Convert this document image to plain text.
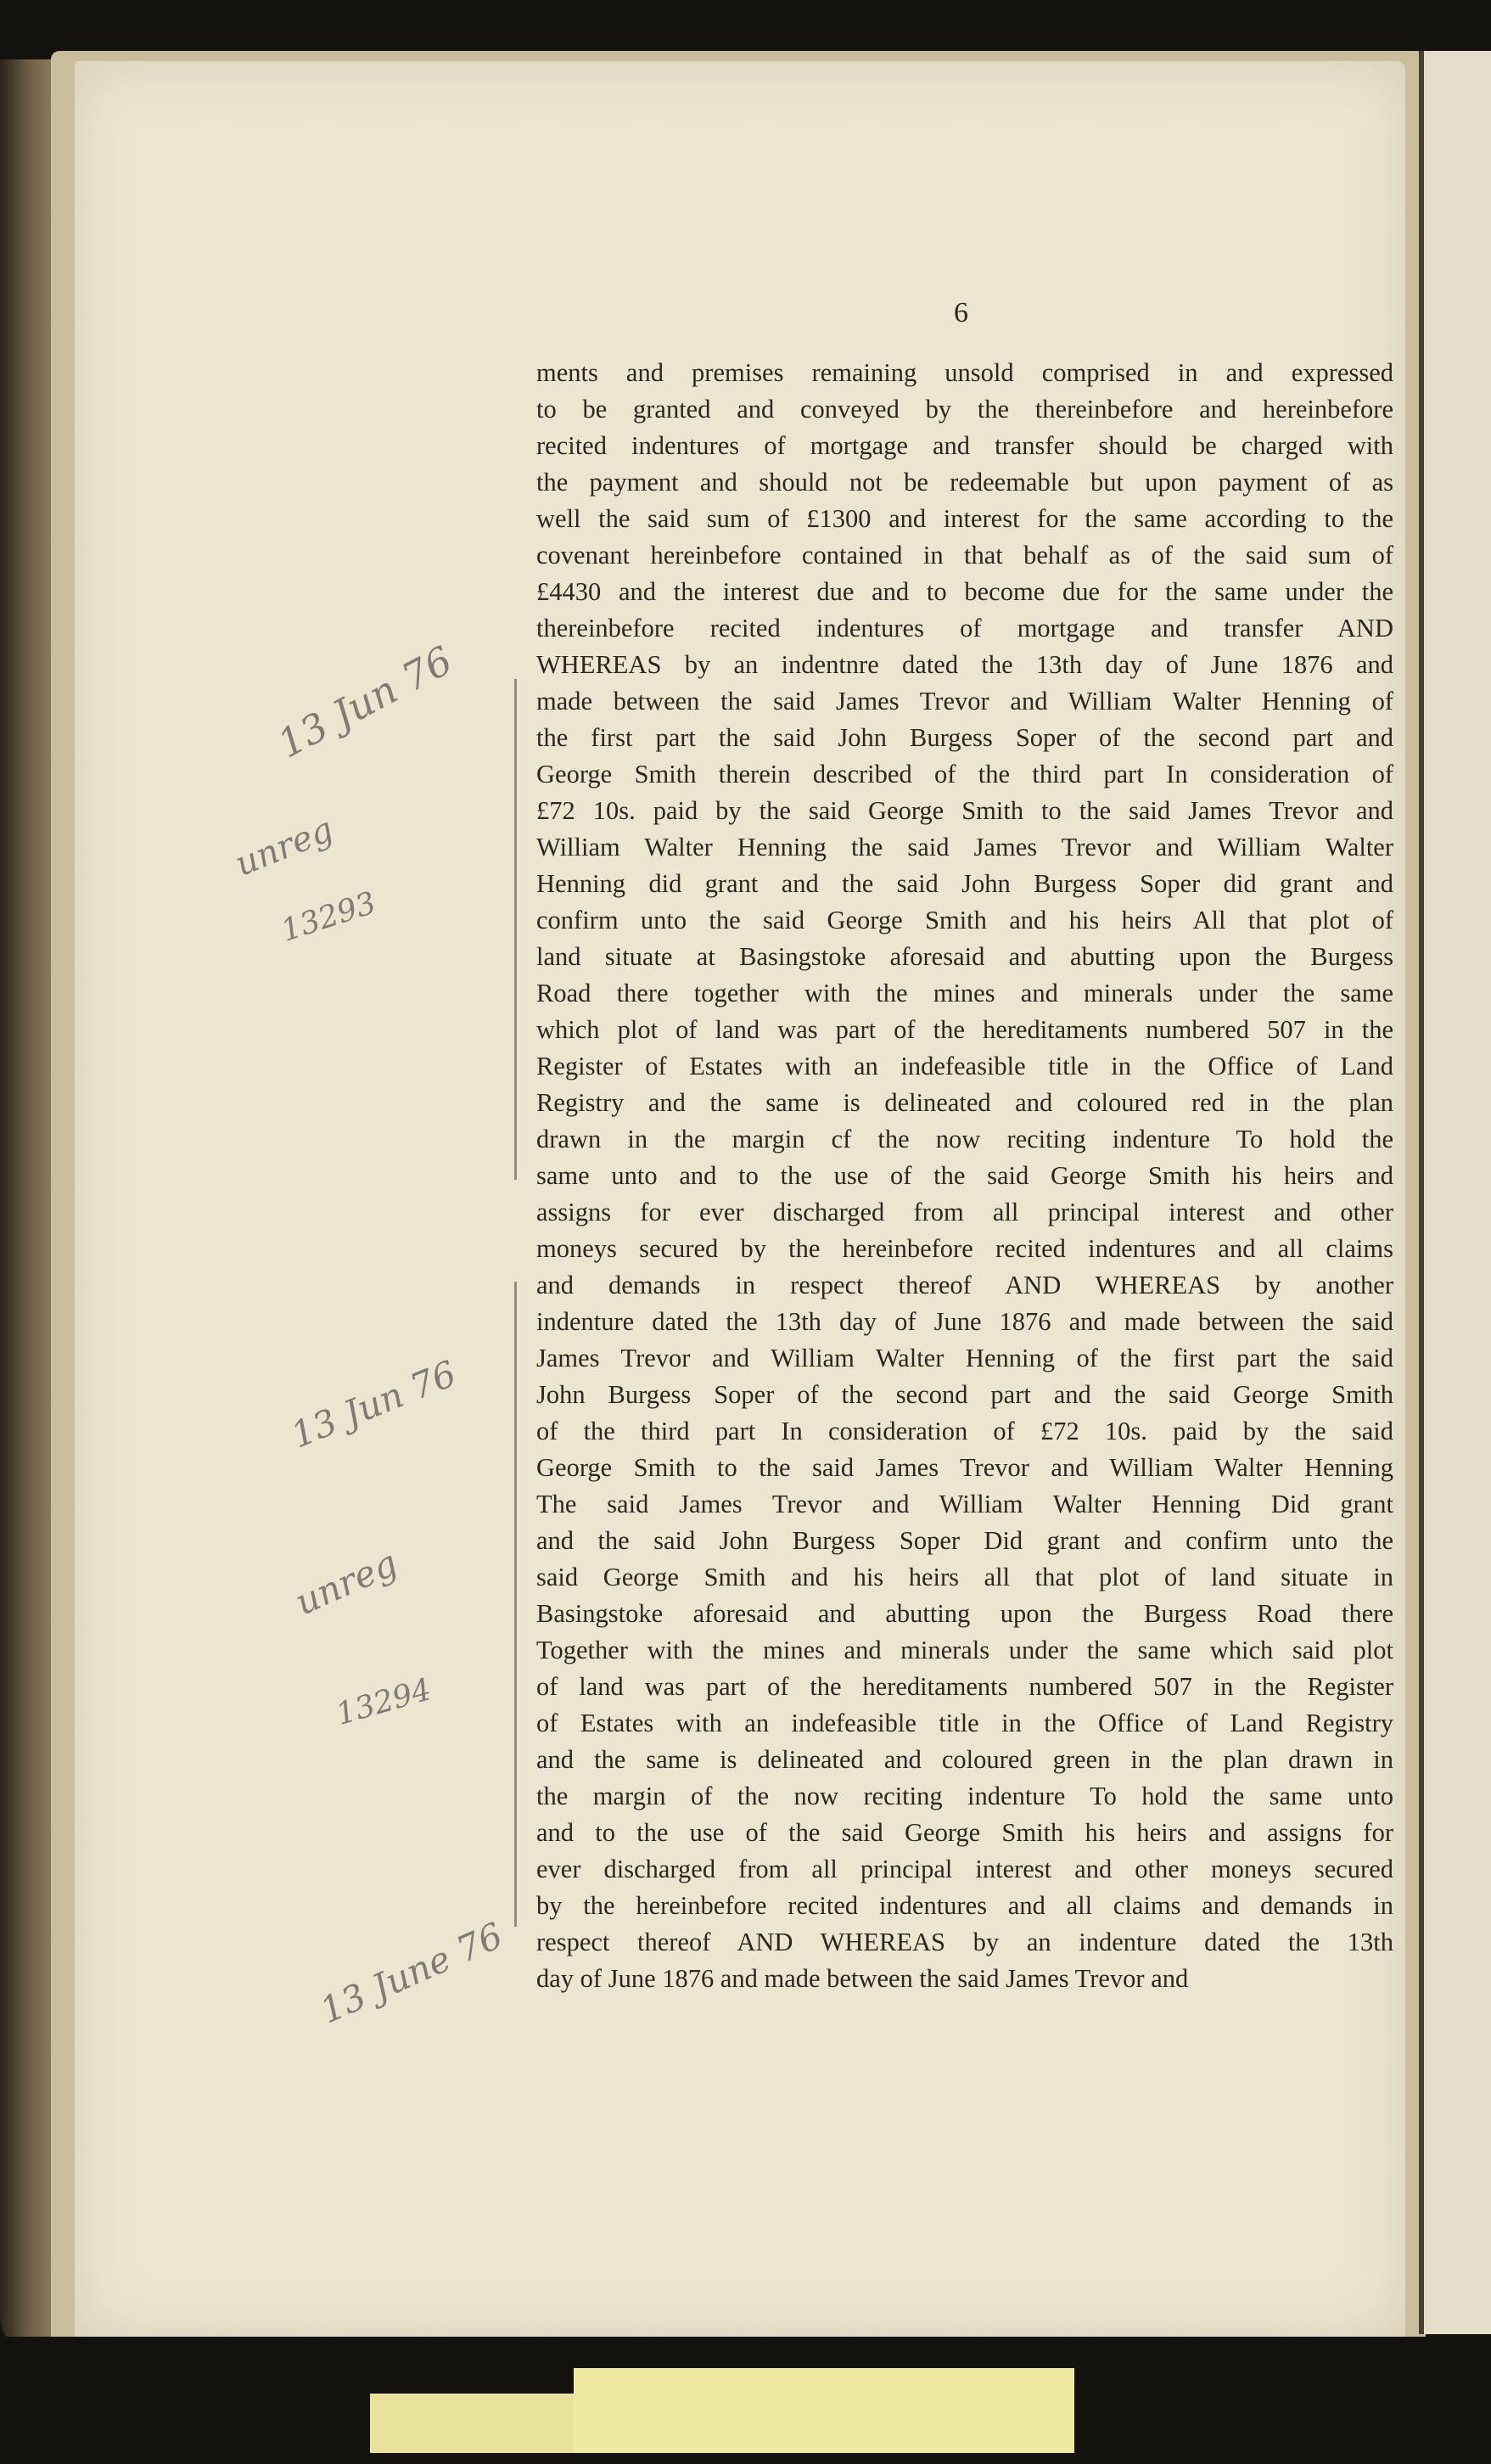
6
ments and premises remaining unsold comprised in and expressed
to be granted and conveyed by the thereinbefore and hereinbefore
recited indentures of mortgage and transfer should be charged with
the payment and should not be redeemable but upon payment of as
well the said sum of £1300 and interest for the same according to the
covenant hereinbefore contained in that behalf as of the said sum of
£4430 and the interest due and to become due for the same under the
thereinbefore recited indentures of mortgage and transfer AND
WHEREAS by an indentnre dated the 13th day of June 1876 and
made between the said James Trevor and William Walter Henning of
the first part the said John Burgess Soper of the second part and
George Smith therein described of the third part In consideration of
£72 10s. paid by the said George Smith to the said James Trevor and
William Walter Henning the said James Trevor and William Walter
Henning did grant and the said John Burgess Soper did grant and
confirm unto the said George Smith and his heirs All that plot of
land situate at Basingstoke aforesaid and abutting upon the Burgess
Road there together with the mines and minerals under the same
which plot of land was part of the hereditaments numbered 507 in the
Register of Estates with an indefeasible title in the Office of Land
Registry and the same is delineated and coloured red in the plan
drawn in the margin cf the now reciting indenture To hold the
same unto and to the use of the said George Smith his heirs and
assigns for ever discharged from all principal interest and other
moneys secured by the hereinbefore recited indentures and all claims
and demands in respect thereof AND WHEREAS by another
indenture dated the 13th day of June 1876 and made between the said
James Trevor and William Walter Henning of the first part the said
John Burgess Soper of the second part and the said George Smith
of the third part In consideration of £72 10s. paid by the said
George Smith to the said James Trevor and William Walter Henning
The said James Trevor and William Walter Henning Did grant
and the said John Burgess Soper Did grant and confirm unto the
said George Smith and his heirs all that plot of land situate in
Basingstoke aforesaid and abutting upon the Burgess Road there
Together with the mines and minerals under the same which said plot
of land was part of the hereditaments numbered 507 in the Register
of Estates with an indefeasible title in the Office of Land Registry
and the same is delineated and coloured green in the plan drawn in
the margin of the now reciting indenture To hold the same unto
and to the use of the said George Smith his heirs and assigns for
ever discharged from all principal interest and other moneys secured
by the hereinbefore recited indentures and all claims and demands in
respect thereof AND WHEREAS by an indenture dated the 13th
day of June 1876 and made between the said James Trevor and
13 Jun 76
unreg
13293
13 Jun 76
unreg
13294
13 June 76
